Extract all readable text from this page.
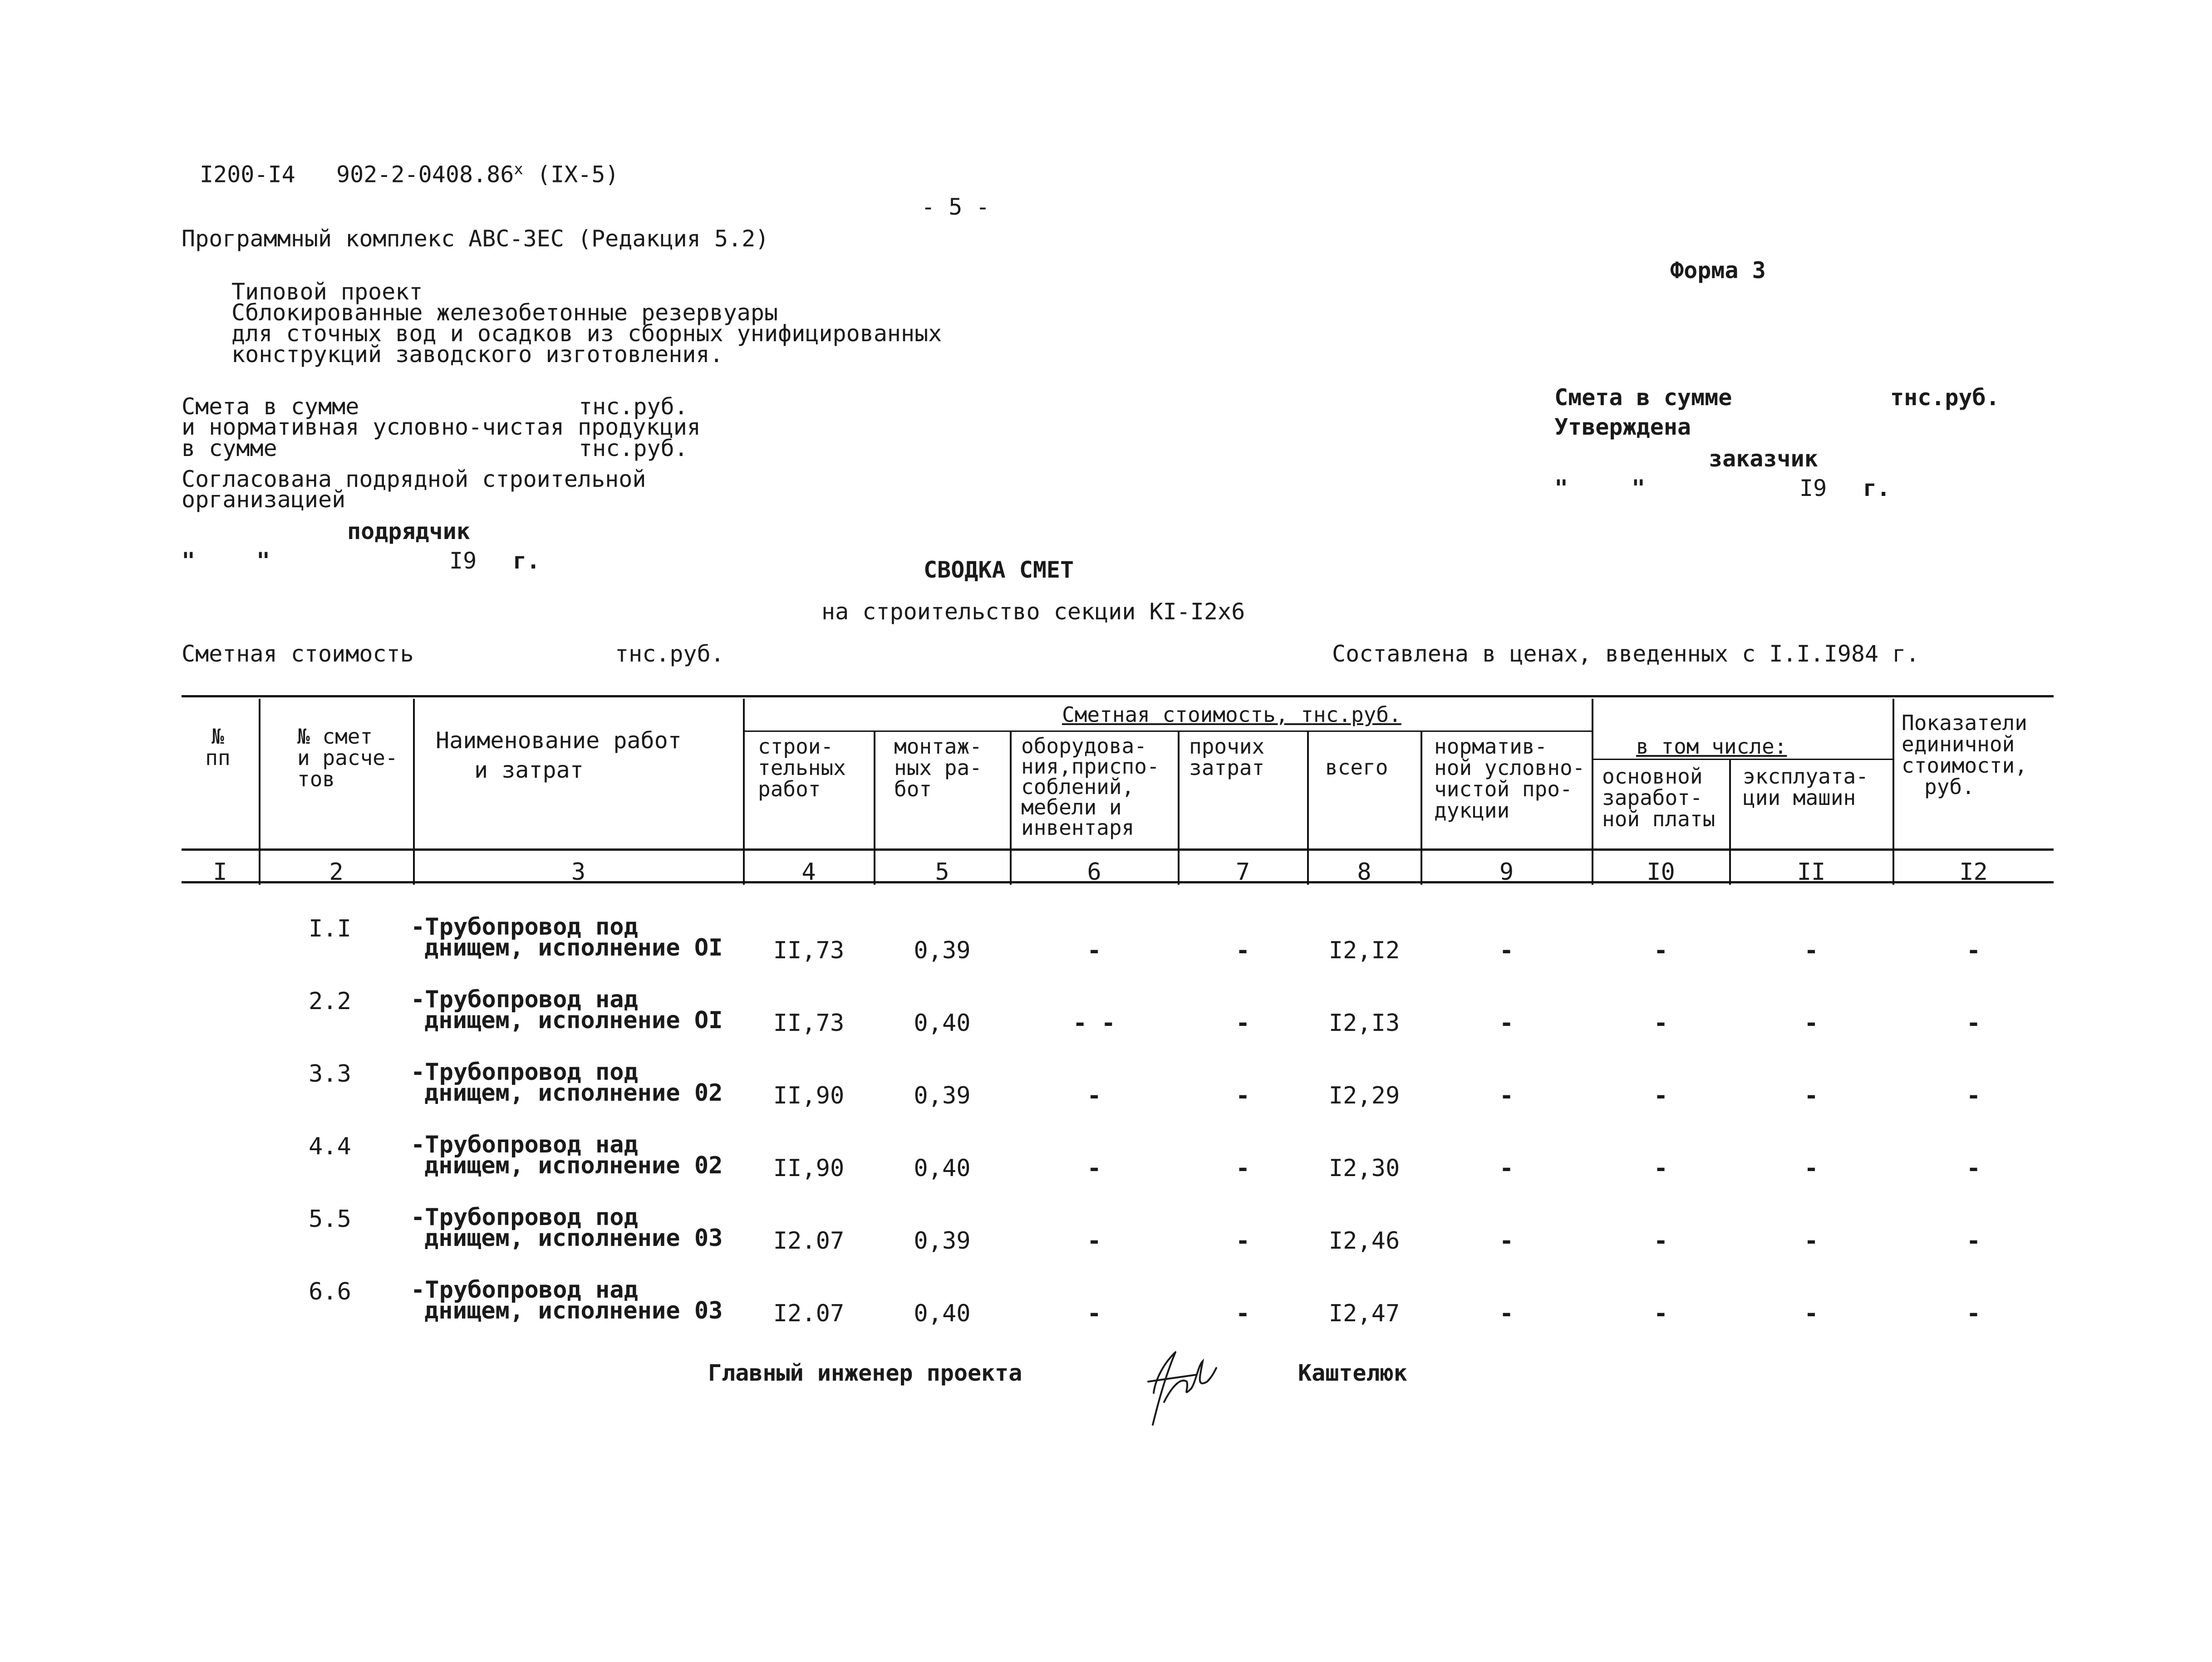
I200-I4 902-2-0408.86$^x$ (IX-5)
- 5 -
Программный комплекс АВС-ЗЕС (Редакция 5.2)
Форма 3
Типовой проект
Сблокированные железобетонные резервуары
для сточных вод и осадков из сборных унифицированных
конструкций заводского изготовления.
Смета в сумме	тнс.руб.
и нормативная условно-чистая продукция
в сумме	тнс.руб.
Согласована подрядной строительной
организацией
подрядчик
"	"	I9 г.
Смета в сумме	тнс.руб.
Утверждена
заказчик
"	"	I9 г.
СВОДКА СМЕТ
на строительство секции КI-I2х6
Сметная стоимость	тнс.руб.	Составлена в ценах, введенных с I.I.I984 г.
№
пп
№ смет
и расче-
тов
Наименование работ
и затрат
Сметная стоимость, тнс.руб.
строи-
тельных
работ
монтаж-
ных ра-
бот
оборудова-
ния,приспо-
соблений,
мебели и
инвентаря
прочих
затрат	всего
норматив-
ной условно-
чистой про-
дукции
в том числе:
основной
заработ-
ной платы
эксплуата-
ции машин
Показатели
единичной
стоимости,
руб.
I	2	3	4	5	6	7	8	9	I0	II	I2
I.I	-Трубопровод под
днищем, исполнение OI	II,73	0,39	-	-	I2,I2	-	-	-	-
2.2	-Трубопровод над
днищем, исполнение OI	II,73	0,40	- -	-	I2,I3	-	-	-	-
3.3	-Трубопровод под
днищем, исполнение 02	II,90	0,39	-	-	I2,29	-	-	-	-
4.4	-Трубопровод над
днищем, исполнение 02	II,90	0,40	-	-	I2,30	-	-	-	-
5.5	-Трубопровод под
днищем, исполнение 03	I2.07	0,39	-	-	I2,46	-	-	-	-
6.6	-Трубопровод над
днищем, исполнение 03	I2.07	0,40	-	-	I2,47	-	-	-	-
Главный инженер проекта	Каштелюк
